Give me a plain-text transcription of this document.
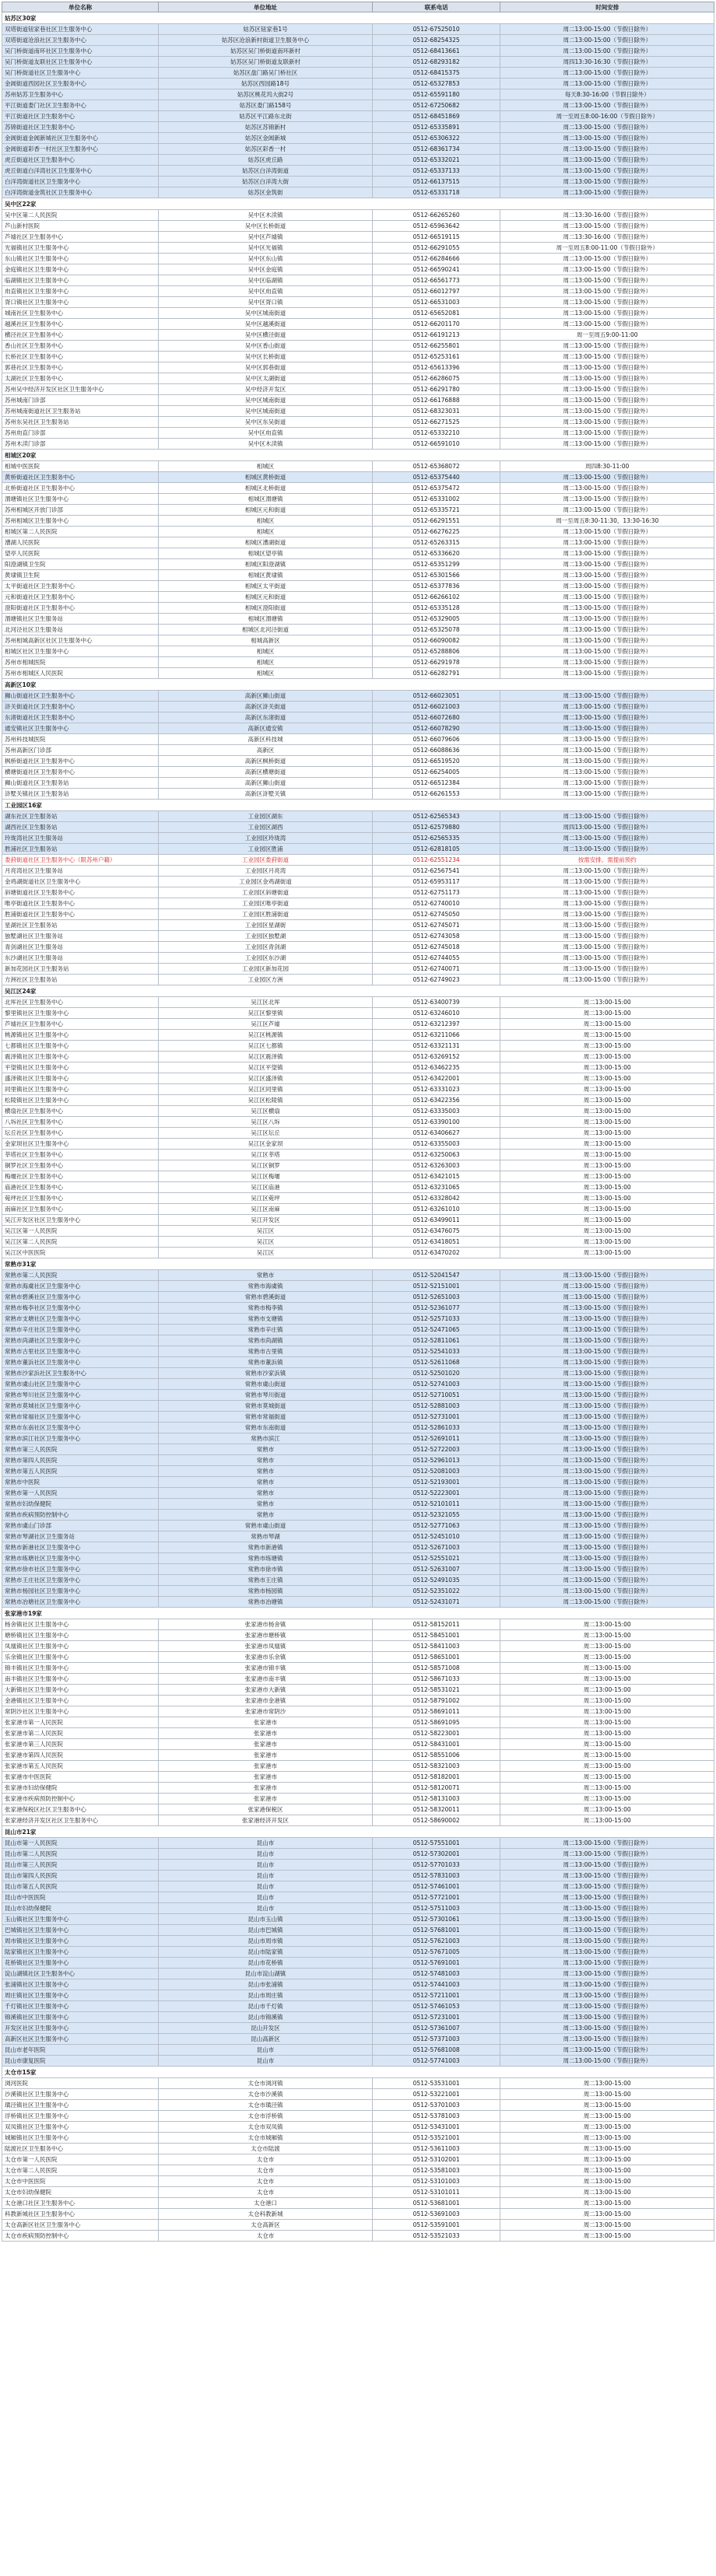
单位名称	单位地址	联系电话	时间安排
姑苏区30家			
双塔街道钮家巷社区卫生服务中心	姑苏区钮家巷1号	0512-67525010	周二13:00-15:00（节假日除外）
双塔街道沧浪社区卫生服务中心	姑苏区沧浪新村街道卫生服务中心	0512-68254325	周二13:00-15:00（节假日除外）
吴门桥街道南环社区卫生服务中心	姑苏区吴门桥街道南环新村	0512-68413661	周二13:00-15:00（节假日除外）
吴门桥街道友联社区卫生服务中心	姑苏区吴门桥街道友联新村	0512-68293182	周四13:30-16:30（节假日除外）
吴门桥街道社区卫生服务中心	姑苏区盘门路吴门桥社区	0512-68415375	周二13:00-15:00（节假日除外）
金阊街道西园社区卫生服务中心	姑苏区西园路18号	0512-65327853	周二13:00-15:00（节假日除外）
苏州姑苏卫生服务中心	姑苏区桃花坞大街2号	0512-65591180	每天8:30-16:00（节假日除外）
平江街道娄门社区卫生服务中心	姑苏区娄门路158号	0512-67250682	周二13:00-15:00（节假日除外）
平江街道社区卫生服务中心	姑苏区平江路东北街	0512-68451869	周一至周五8:00-16:00（节假日除外）
苏锦街道社区卫生服务中心	姑苏区苏锦新村	0512-65335891	周二13:00-15:00（节假日除外）
金阊街道金阊新城社区卫生服务中心	姑苏区金阊新城	0512-65306322	周二13:00-15:00（节假日除外）
金阊街道彩香一村社区卫生服务中心	姑苏区彩香一村	0512-68361734	周二13:00-15:00（节假日除外）
虎丘街道社区卫生服务中心	姑苏区虎丘路	0512-65332021	周二13:00-15:00（节假日除外）
虎丘街道白洋湾社区卫生服务中心	姑苏区白洋湾街道	0512-65337133	周二13:00-15:00（节假日除外）
白洋湾街道社区卫生服务中心	姑苏区白洋湾大街	0512-66137515	周二13:00-15:00（节假日除外）
白洋湾街道金筑社区卫生服务中心	姑苏区金筑街	0512-65331718	周二13:00-15:00（节假日除外）
吴中区22家			
吴中区第二人民医院	吴中区木渎镇	0512-66265260	周二13:30-16:00（节假日除外）
芦山新村医院	吴中区长桥街道	0512-65963642	周二13:00-15:00（节假日除外）
芦墟社区卫生服务中心	吴中区芦墟镇	0512-66519115	周二13:30-16:00（节假日除外）
光福镇社区卫生服务中心	吴中区光福镇	0512-66291055	周一至周五8:00-11:00（节假日除外）
东山镇社区卫生服务中心	吴中区东山镇	0512-66284666	周二13:00-15:00（节假日除外）
金庭镇社区卫生服务中心	吴中区金庭镇	0512-66590241	周二13:00-15:00（节假日除外）
临湖镇社区卫生服务中心	吴中区临湖镇	0512-66561773	周二13:00-15:00（节假日除外）
甪直镇社区卫生服务中心	吴中区甪直镇	0512-66012797	周二13:00-15:00（节假日除外）
胥口镇社区卫生服务中心	吴中区胥口镇	0512-66531003	周二13:00-15:00（节假日除外）
城南社区卫生服务中心	吴中区城南街道	0512-65652081	周二13:00-15:00（节假日除外）
越溪社区卫生服务中心	吴中区越溪街道	0512-66201170	周二13:00-15:00（节假日除外）
横泾社区卫生服务中心	吴中区横泾街道	0512-66191213	周一至周五9:00-11:00
香山社区卫生服务中心	吴中区香山街道	0512-66255801	周二13:00-15:00（节假日除外）
长桥社区卫生服务中心	吴中区长桥街道	0512-65253161	周二13:00-15:00（节假日除外）
郭巷社区卫生服务中心	吴中区郭巷街道	0512-65613396	周二13:00-15:00（节假日除外）
太湖社区卫生服务中心	吴中区太湖街道	0512-66286075	周二13:00-15:00（节假日除外）
苏州吴中经济开发区社区卫生服务中心	吴中经济开发区	0512-66291780	周二13:00-15:00（节假日除外）
苏州城南门诊部	吴中区城南街道	0512-66176888	周二13:00-15:00（节假日除外）
苏州城南街道社区卫生服务站	吴中区城南街道	0512-68323031	周二13:00-15:00（节假日除外）
苏州东吴社区卫生服务站	吴中区东吴街道	0512-66271525	周二13:00-15:00（节假日除外）
苏州甪直门诊部	吴中区甪直镇	0512-65332210	周二13:00-15:00（节假日除外）
苏州木渎门诊部	吴中区木渎镇	0512-66591010	周二13:00-15:00（节假日除外）
相城区20家			
相城中医医院	相城区	0512-65368072	周四8:30-11:00
黄桥街道社区卫生服务中心	相城区黄桥街道	0512-65375440	周二13:00-15:00（节假日除外）
北桥街道社区卫生服务中心	相城区北桥街道	0512-65375472	周二13:00-15:00（节假日除外）
渭塘镇社区卫生服务中心	相城区渭塘镇	0512-65331002	周二13:00-15:00（节假日除外）
苏州相城区开放门诊部	相城区元和街道	0512-65335721	周二13:00-15:00（节假日除外）
苏州相城区卫生服务中心	相城区	0512-66291551	周一至周五8:30-11:30，13:30-16:30
相城区第二人民医院	相城区	0512-66276225	周二13:00-15:00（节假日除外）
漕湖人民医院	相城区漕湖街道	0512-65263315	周二13:00-15:00（节假日除外）
望亭人民医院	相城区望亭镇	0512-65336620	周二13:00-15:00（节假日除外）
阳澄湖镇卫生院	相城区阳澄湖镇	0512-65351299	周二13:00-15:00（节假日除外）
黄埭镇卫生院	相城区黄埭镇	0512-65301566	周二13:00-15:00（节假日除外）
太平街道社区卫生服务中心	相城区太平街道	0512-65377836	周二13:00-15:00（节假日除外）
元和街道社区卫生服务中心	相城区元和街道	0512-66266102	周二13:00-15:00（节假日除外）
澄阳街道社区卫生服务中心	相城区澄阳街道	0512-65335128	周二13:00-15:00（节假日除外）
渭塘镇社区卫生服务站	相城区渭塘镇	0512-65329005	周二13:00-15:00（节假日除外）
北河泾社区卫生服务站	相城区北河泾街道	0512-65325078	周二13:00-15:00（节假日除外）
苏州相城高新区社区卫生服务中心	相城高新区	0512-66090082	周二13:00-15:00（节假日除外）
相城区社区卫生服务中心	相城区	0512-65288806	周二13:00-15:00（节假日除外）
苏州市相城医院	相城区	0512-66291978	周二13:00-15:00（节假日除外）
苏州市相城区人民医院	相城区	0512-66282791	周二13:00-15:00（节假日除外）
高新区10家			
狮山街道社区卫生服务中心	高新区狮山街道	0512-66023051	周二13:00-15:00（节假日除外）
浒关街道社区卫生服务中心	高新区浒关街道	0512-66021003	周二13:00-15:00（节假日除外）
东渚街道社区卫生服务中心	高新区东渚街道	0512-66072680	周二13:00-15:00（节假日除外）
通安镇社区卫生服务中心	高新区通安镇	0512-66078290	周二13:00-15:00（节假日除外）
苏州科技城医院	高新区科技城	0512-66079606	周二13:00-15:00（节假日除外）
苏州高新区门诊部	高新区	0512-66088636	周二13:00-15:00（节假日除外）
枫桥街道社区卫生服务中心	高新区枫桥街道	0512-66519520	周二13:00-15:00（节假日除外）
横塘街道社区卫生服务中心	高新区横塘街道	0512-66254005	周二13:00-15:00（节假日除外）
狮山街道社区卫生服务站	高新区狮山街道	0512-66512384	周二13:00-15:00（节假日除外）
浒墅关镇社区卫生服务站	高新区浒墅关镇	0512-66261553	周二13:00-15:00（节假日除外）
工业园区16家			
湖东社区卫生服务站	工业园区湖东	0512-62565343	周二13:00-15:00（节假日除外）
湖西社区卫生服务站	工业园区湖西	0512-62579880	周四13:00-15:00（节假日除外）
玲珑湾社区卫生服务站	工业园区玲珑湾	0512-62565335	周二13:00-15:00（节假日除外）
胜浦社区卫生服务站	工业园区胜浦	0512-62818105	周二13:00-15:00（节假日除外）
娄葑街道社区卫生服务中心（限苏州户籍）	工业园区娄葑街道	0512-62551234	按需安排，需提前预约
月亮湾社区卫生服务站	工业园区月亮湾	0512-62567541	周二13:00-15:00（节假日除外）
金鸡湖街道社区卫生服务中心	工业园区金鸡湖街道	0512-65953117	周二13:00-15:00（节假日除外）
斜塘街道社区卫生服务中心	工业园区斜塘街道	0512-62751173	周二13:00-15:00（节假日除外）
唯亭街道社区卫生服务中心	工业园区唯亭街道	0512-62740010	周二13:00-15:00（节假日除外）
胜浦街道社区卫生服务中心	工业园区胜浦街道	0512-62745050	周二13:00-15:00（节假日除外）
星湖社区卫生服务站	工业园区星湖街	0512-62745071	周二13:00-15:00（节假日除外）
独墅湖社区卫生服务站	工业园区独墅湖	0512-62743058	周二13:00-15:00（节假日除外）
青剑湖社区卫生服务站	工业园区青剑湖	0512-62745018	周二13:00-15:00（节假日除外）
东沙湖社区卫生服务站	工业园区东沙湖	0512-62744055	周二13:00-15:00（节假日除外）
新加花园社区卫生服务站	工业园区新加花园	0512-62740071	周二13:00-15:00（节假日除外）
方洲社区卫生服务站	工业园区方洲	0512-62749023	周二13:00-15:00（节假日除外）
吴江区24家			
北厍社区卫生服务中心	吴江区北厍	0512-63400739	周二13:00-15:00
黎里镇社区卫生服务中心	吴江区黎里镇	0512-63246010	周二13:00-15:00
芦墟社区卫生服务中心	吴江区芦墟	0512-63212397	周二13:00-15:00
桃源镇社区卫生服务中心	吴江区桃源镇	0512-63211066	周二13:00-15:00
七都镇社区卫生服务中心	吴江区七都镇	0512-63321131	周二13:00-15:00
震泽镇社区卫生服务中心	吴江区震泽镇	0512-63269152	周二13:00-15:00
平望镇社区卫生服务中心	吴江区平望镇	0512-63462235	周二13:00-15:00
盛泽镇社区卫生服务中心	吴江区盛泽镇	0512-63422001	周二13:00-15:00
同里镇社区卫生服务中心	吴江区同里镇	0512-63331023	周二13:00-15:00
松陵镇社区卫生服务中心	吴江区松陵镇	0512-63422356	周二13:00-15:00
横扇社区卫生服务中心	吴江区横扇	0512-63335003	周二13:00-15:00
八坼社区卫生服务中心	吴江区八坼	0512-63390100	周二13:00-15:00
坛丘社区卫生服务中心	吴江区坛丘	0512-63406627	周二13:00-15:00
金家坝社区卫生服务中心	吴江区金家坝	0512-63355003	周二13:00-15:00
莘塔社区卫生服务中心	吴江区莘塔	0512-63250063	周二13:00-15:00
铜罗社区卫生服务中心	吴江区铜罗	0512-63263003	周二13:00-15:00
梅堰社区卫生服务中心	吴江区梅堰	0512-63421015	周二13:00-15:00
庙港社区卫生服务中心	吴江区庙港	0512-63231065	周二13:00-15:00
菀坪社区卫生服务中心	吴江区菀坪	0512-63328042	周二13:00-15:00
南麻社区卫生服务中心	吴江区南麻	0512-63261010	周二13:00-15:00
吴江开发区社区卫生服务中心	吴江开发区	0512-63499011	周二13:00-15:00
吴江区第一人民医院	吴江区	0512-63476075	周二13:00-15:00
吴江区第二人民医院	吴江区	0512-63418051	周二13:00-15:00
吴江区中医医院	吴江区	0512-63470202	周二13:00-15:00
常熟市31家			
常熟市第二人民医院	常熟市	0512-52041547	周二13:00-15:00（节假日除外）
常熟市海虞社区卫生服务中心	常熟市海虞镇	0512-52151001	周二13:00-15:00（节假日除外）
常熟市碧溪社区卫生服务中心	常熟市碧溪街道	0512-52651003	周二13:00-15:00（节假日除外）
常熟市梅李社区卫生服务中心	常熟市梅李镇	0512-52361077	周二13:00-15:00（节假日除外）
常熟市支塘社区卫生服务中心	常熟市支塘镇	0512-52571033	周二13:00-15:00（节假日除外）
常熟市辛庄社区卫生服务中心	常熟市辛庄镇	0512-52471065	周二13:00-15:00（节假日除外）
常熟市尚湖社区卫生服务中心	常熟市尚湖镇	0512-52811061	周二13:00-15:00（节假日除外）
常熟市古里社区卫生服务中心	常熟市古里镇	0512-52541033	周二13:00-15:00（节假日除外）
常熟市董浜社区卫生服务中心	常熟市董浜镇	0512-52611068	周二13:00-15:00（节假日除外）
常熟市沙家浜社区卫生服务中心	常熟市沙家浜镇	0512-52501020	周二13:00-15:00（节假日除外）
常熟市虞山社区卫生服务中心	常熟市虞山街道	0512-52741003	周二13:00-15:00（节假日除外）
常熟市琴川社区卫生服务中心	常熟市琴川街道	0512-52710051	周二13:00-15:00（节假日除外）
常熟市莫城社区卫生服务中心	常熟市莫城街道	0512-52881003	周二13:00-15:00（节假日除外）
常熟市常福社区卫生服务中心	常熟市常福街道	0512-52731001	周二13:00-15:00（节假日除外）
常熟市东南社区卫生服务中心	常熟市东南街道	0512-52861033	周二13:00-15:00（节假日除外）
常熟市滨江社区卫生服务中心	常熟市滨江	0512-52691011	周二13:00-15:00（节假日除外）
常熟市第三人民医院	常熟市	0512-52722003	周二13:00-15:00（节假日除外）
常熟市第四人民医院	常熟市	0512-52961013	周二13:00-15:00（节假日除外）
常熟市第五人民医院	常熟市	0512-52081003	周二13:00-15:00（节假日除外）
常熟市中医院	常熟市	0512-52193001	周二13:00-15:00（节假日除外）
常熟市第一人民医院	常熟市	0512-52223001	周二13:00-15:00（节假日除外）
常熟市妇幼保健院	常熟市	0512-52101011	周二13:00-15:00（节假日除外）
常熟市疾病预防控制中心	常熟市	0512-52321055	周二13:00-15:00（节假日除外）
常熟市虞山门诊部	常熟市虞山街道	0512-52771063	周二13:00-15:00（节假日除外）
常熟市琴湖社区卫生服务站	常熟市琴湖	0512-52451010	周二13:00-15:00（节假日除外）
常熟市新港社区卫生服务中心	常熟市新港镇	0512-52671003	周二13:00-15:00（节假日除外）
常熟市练塘社区卫生服务中心	常熟市练塘镇	0512-52551021	周二13:00-15:00（节假日除外）
常熟市徐市社区卫生服务中心	常熟市徐市镇	0512-52631007	周二13:00-15:00（节假日除外）
常熟市王庄社区卫生服务中心	常熟市王庄镇	0512-52491035	周二13:00-15:00（节假日除外）
常熟市杨园社区卫生服务中心	常熟市杨园镇	0512-52351022	周二13:00-15:00（节假日除外）
常熟市冶塘社区卫生服务中心	常熟市冶塘镇	0512-52431071	周二13:00-15:00（节假日除外）
张家港市19家			
杨舍镇社区卫生服务中心	张家港市杨舍镇	0512-58152011	周二13:00-15:00
塘桥镇社区卫生服务中心	张家港市塘桥镇	0512-58451001	周二13:00-15:00
凤凰镇社区卫生服务中心	张家港市凤凰镇	0512-58411003	周二13:00-15:00
乐余镇社区卫生服务中心	张家港市乐余镇	0512-58651001	周二13:00-15:00
锦丰镇社区卫生服务中心	张家港市锦丰镇	0512-58571008	周二13:00-15:00
南丰镇社区卫生服务中心	张家港市南丰镇	0512-58671033	周二13:00-15:00
大新镇社区卫生服务中心	张家港市大新镇	0512-58531021	周二13:00-15:00
金港镇社区卫生服务中心	张家港市金港镇	0512-58791002	周二13:00-15:00
常阴沙社区卫生服务中心	张家港市常阴沙	0512-58691011	周二13:00-15:00
张家港市第一人民医院	张家港市	0512-58691095	周二13:00-15:00
张家港市第二人民医院	张家港市	0512-58223001	周二13:00-15:00
张家港市第三人民医院	张家港市	0512-58431001	周二13:00-15:00
张家港市第四人民医院	张家港市	0512-58551006	周二13:00-15:00
张家港市第五人民医院	张家港市	0512-58321003	周二13:00-15:00
张家港市中医医院	张家港市	0512-58182001	周二13:00-15:00
张家港市妇幼保健院	张家港市	0512-58120071	周二13:00-15:00
张家港市疾病预防控制中心	张家港市	0512-58131003	周二13:00-15:00
张家港保税区社区卫生服务中心	张家港保税区	0512-58320011	周二13:00-15:00
张家港经济开发区社区卫生服务中心	张家港经济开发区	0512-58690002	周二13:00-15:00
昆山市21家			
昆山市第一人民医院	昆山市	0512-57551001	周二13:00-15:00（节假日除外）
昆山市第二人民医院	昆山市	0512-57302001	周二13:00-15:00（节假日除外）
昆山市第三人民医院	昆山市	0512-57701033	周二13:00-15:00（节假日除外）
昆山市第四人民医院	昆山市	0512-57831003	周二13:00-15:00（节假日除外）
昆山市第五人民医院	昆山市	0512-57461001	周二13:00-15:00（节假日除外）
昆山市中医医院	昆山市	0512-57721001	周二13:00-15:00（节假日除外）
昆山市妇幼保健院	昆山市	0512-57511003	周二13:00-15:00（节假日除外）
玉山镇社区卫生服务中心	昆山市玉山镇	0512-57301061	周二13:00-15:00（节假日除外）
巴城镇社区卫生服务中心	昆山市巴城镇	0512-57681001	周二13:00-15:00（节假日除外）
周市镇社区卫生服务中心	昆山市周市镇	0512-57621003	周二13:00-15:00（节假日除外）
陆家镇社区卫生服务中心	昆山市陆家镇	0512-57671005	周二13:00-15:00（节假日除外）
花桥镇社区卫生服务中心	昆山市花桥镇	0512-57691001	周二13:00-15:00（节假日除外）
淀山湖镇社区卫生服务中心	昆山市淀山湖镇	0512-57481003	周二13:00-15:00（节假日除外）
张浦镇社区卫生服务中心	昆山市张浦镇	0512-57441003	周二13:00-15:00（节假日除外）
周庄镇社区卫生服务中心	昆山市周庄镇	0512-57211001	周二13:00-15:00（节假日除外）
千灯镇社区卫生服务中心	昆山市千灯镇	0512-57461053	周二13:00-15:00（节假日除外）
锦溪镇社区卫生服务中心	昆山市锦溪镇	0512-57231001	周二13:00-15:00（节假日除外）
开发区社区卫生服务中心	昆山开发区	0512-57361007	周二13:00-15:00（节假日除外）
高新区社区卫生服务中心	昆山高新区	0512-57371003	周二13:00-15:00（节假日除外）
昆山市老年医院	昆山市	0512-57681008	周二13:00-15:00（节假日除外）
昆山市康复医院	昆山市	0512-57741003	周二13:00-15:00（节假日除外）
太仓市15家			
浏河医院	太仓市浏河镇	0512-53531001	周二13:00-15:00
沙溪镇社区卫生服务中心	太仓市沙溪镇	0512-53221001	周二13:00-15:00
璜泾镇社区卫生服务中心	太仓市璜泾镇	0512-53701003	周二13:00-15:00
浮桥镇社区卫生服务中心	太仓市浮桥镇	0512-53781003	周二13:00-15:00
双凤镇社区卫生服务中心	太仓市双凤镇	0512-53431001	周二13:00-15:00
城厢镇社区卫生服务中心	太仓市城厢镇	0512-53521001	周二13:00-15:00
陆渡社区卫生服务中心	太仓市陆渡	0512-53611003	周二13:00-15:00
太仓市第一人民医院	太仓市	0512-53102001	周二13:00-15:00
太仓市第二人民医院	太仓市	0512-53581003	周二13:00-15:00
太仓市中医医院	太仓市	0512-53101003	周二13:00-15:00
太仓市妇幼保健院	太仓市	0512-53101011	周二13:00-15:00
太仓港口社区卫生服务中心	太仓港口	0512-53681001	周二13:00-15:00
科教新城社区卫生服务中心	太仓科教新城	0512-53691003	周二13:00-15:00
太仓高新区社区卫生服务中心	太仓高新区	0512-53591001	周二13:00-15:00
太仓市疾病预防控制中心	太仓市	0512-53521033	周二13:00-15:00
